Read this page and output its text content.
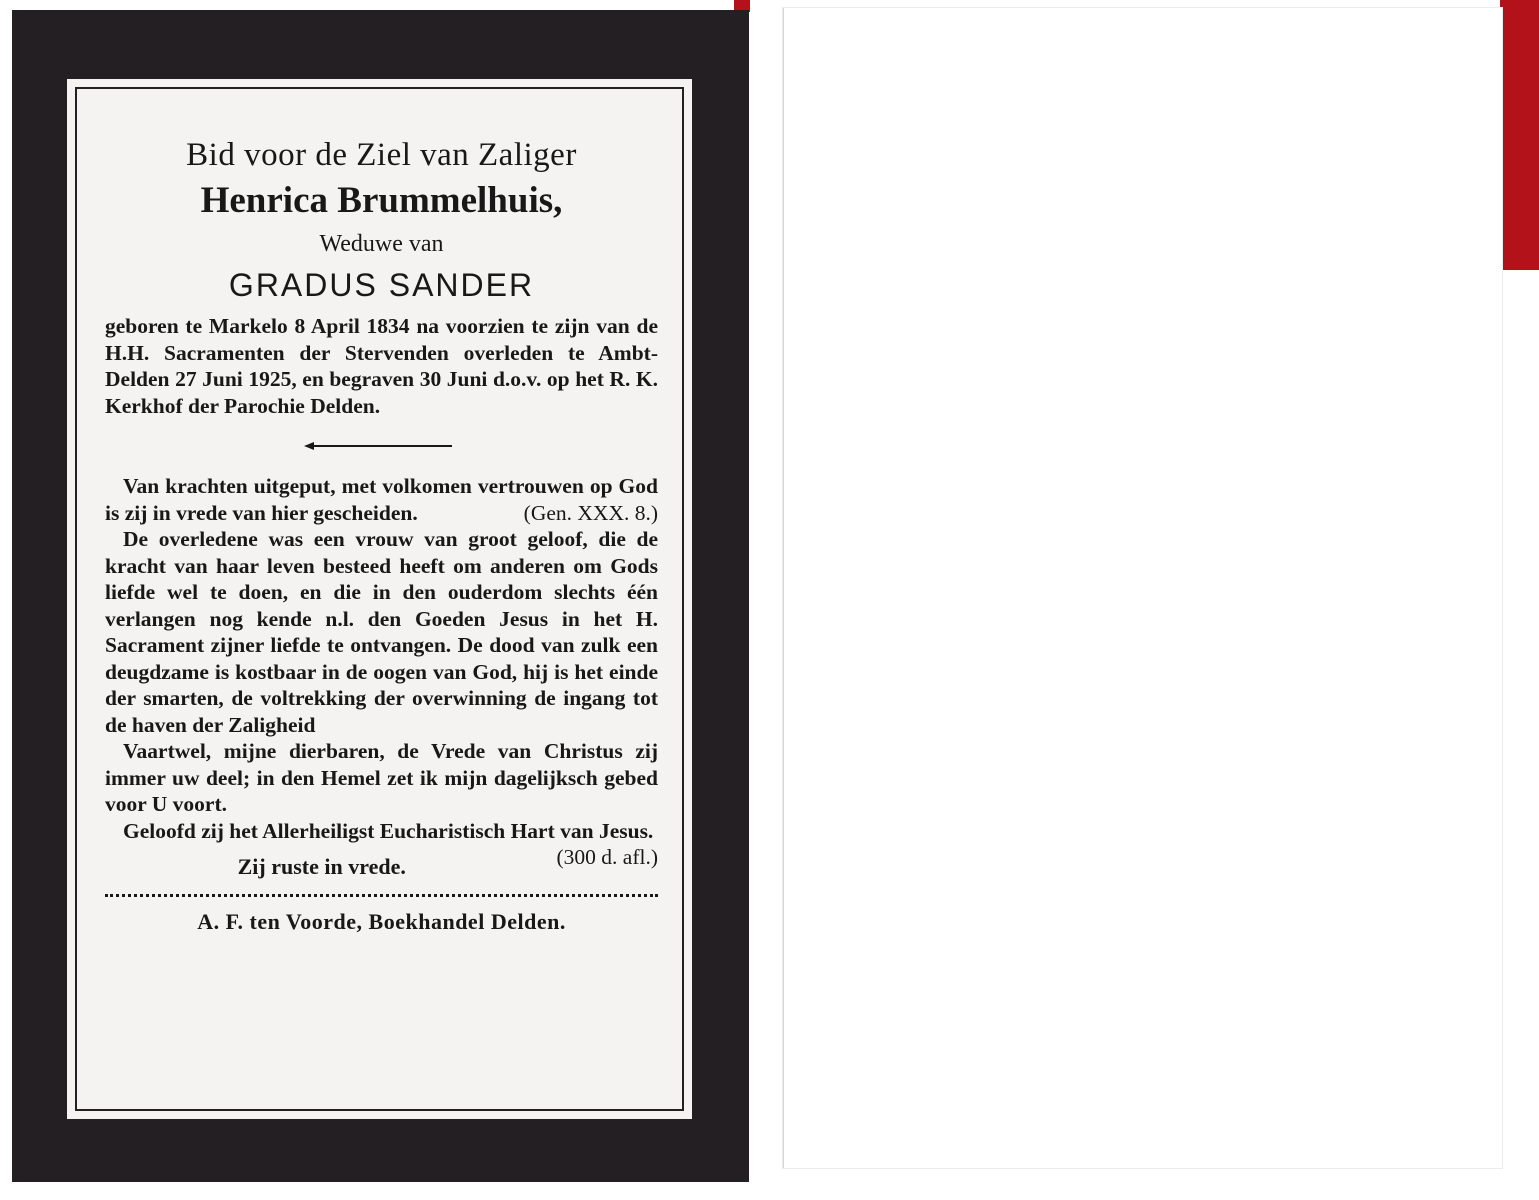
Bid voor de Ziel van Zaliger
Henrica Brummelhuis,
Weduwe van
GRADUS SANDER

geboren te Markelo 8 April 1834 na voorzien te zijn van de H.H. Sacramenten der Stervenden overleden te Ambt-Delden 27 Juni 1925, en begraven 30 Juni d.o.v. op het R. K. Kerkhof der Parochie Delden.

Van krachten uitgeput, met volkomen vertrouwen op God is zij in vrede van hier gescheiden.	(Gen. XXX. 8.)

De overledene was een vrouw van groot geloof, die de kracht van haar leven besteed heeft om anderen om Gods liefde wel te doen, en die in den ouderdom slechts één verlangen nog kende n.l. den Goeden Jesus in het H. Sacrament zijner liefde te ontvangen. De dood van zulk een deugdzame is kostbaar in de oogen van God, hij is het einde der smarten, de voltrekking der overwinning de ingang tot de haven der Zaligheid

Vaartwel, mijne dierbaren, de Vrede van Christus zij immer uw deel; in den Hemel zet ik mijn dagelijksch gebed voor U voort.

Geloofd zij het Allerheiligst Eucharistisch Hart van Jesus.
(300 d. afl.)

Zij ruste in vrede.
A. F. ten Voorde, Boekhandel Delden.
